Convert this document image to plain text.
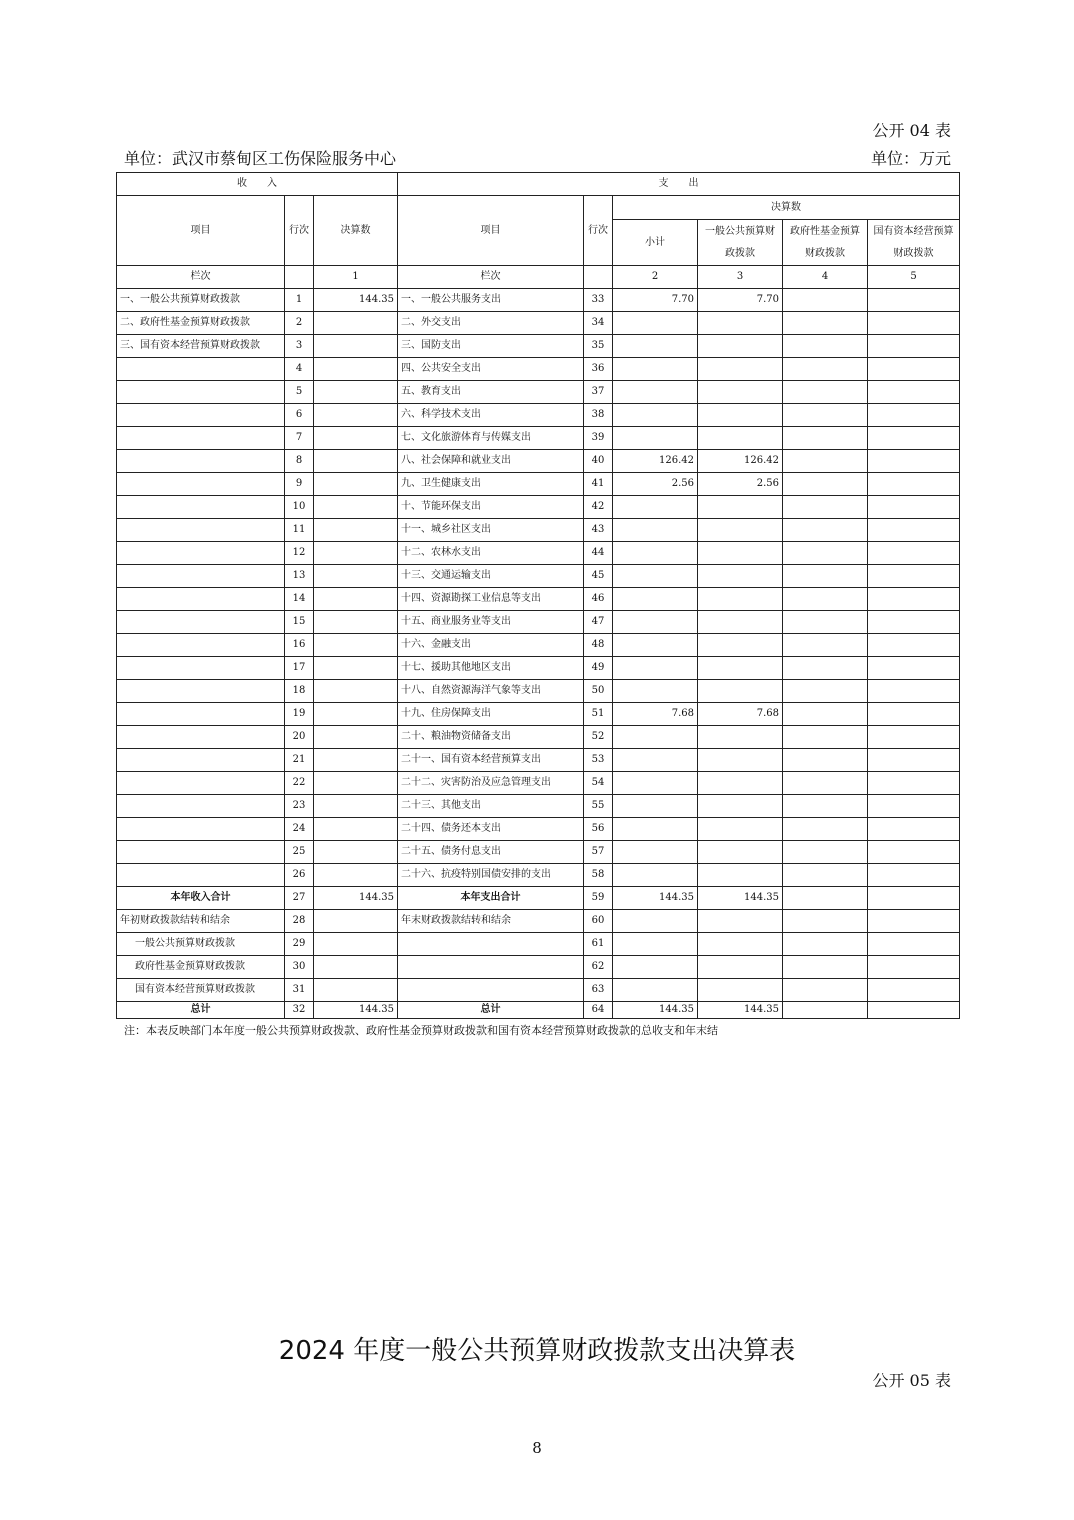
公开 04 表
单位：武汉市蔡甸区工伤保险服务中心	单位：万元
收　　入			支　　出					
项目	行次	决算数	项目	行次	决算数			
					小计	一般公共预算财政拨款	政府性基金预算财政拨款	国有资本经营预算财政拨款
栏次		1	栏次		2	3	4	5
一、一般公共预算财政拨款	1	144.35	一、一般公共服务支出	33	7.70	7.70		
二、政府性基金预算财政拨款	2		二、外交支出	34				
三、国有资本经营预算财政拨款	3		三、国防支出	35				
	4		四、公共安全支出	36				
	5		五、教育支出	37				
	6		六、科学技术支出	38				
	7		七、文化旅游体育与传媒支出	39				
	8		八、社会保障和就业支出	40	126.42	126.42		
	9		九、卫生健康支出	41	2.56	2.56		
	10		十、节能环保支出	42				
	11		十一、城乡社区支出	43				
	12		十二、农林水支出	44				
	13		十三、交通运输支出	45				
	14		十四、资源勘探工业信息等支出	46				
	15		十五、商业服务业等支出	47				
	16		十六、金融支出	48				
	17		十七、援助其他地区支出	49				
	18		十八、自然资源海洋气象等支出	50				
	19		十九、住房保障支出	51	7.68	7.68		
	20		二十、粮油物资储备支出	52				
	21		二十一、国有资本经营预算支出	53				
	22		二十二、灾害防治及应急管理支出	54				
	23		二十三、其他支出	55				
	24		二十四、债务还本支出	56				
	25		二十五、债务付息支出	57				
	26		二十六、抗疫特别国债安排的支出	58				
本年收入合计	27	144.35	本年支出合计	59	144.35	144.35		
年初财政拨款结转和结余	28		年末财政拨款结转和结余	60				
一般公共预算财政拨款	29			61				
政府性基金预算财政拨款	30			62				
国有资本经营预算财政拨款	31			63				
总计	32	144.35	总计	64	144.35	144.35		
注：本表反映部门本年度一般公共预算财政拨款、政府性基金预算财政拨款和国有资本经营预算财政拨款的总收支和年末结
2024 年度一般公共预算财政拨款支出决算表
公开 05 表
8
